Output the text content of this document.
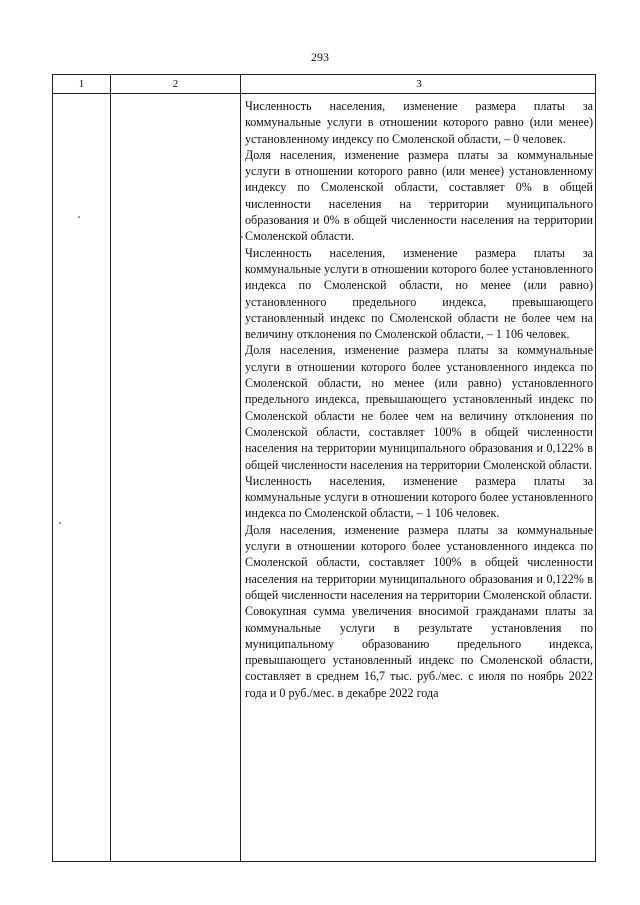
293
1	2	3

Численность населения, изменение размера платы за коммунальные услуги в отношении которого равно (или менее) установленному индексу по Смоленской области, – 0 человек.

Доля населения, изменение размера платы за коммунальные услуги в отношении которого равно (или менее) установленному индексу по Смоленской области, составляет 0% в общей численности населения на территории муниципального образования и 0% в общей численности населения на территории Смоленской области.

Численность населения, изменение размера платы за коммунальные услуги в отношении которого более установленного индекса по Смоленской области, но менее (или равно) установленного предельного индекса, превышающего установленный индекс по Смоленской области не более чем на величину отклонения по Смоленской области, – 1 106 человек.

Доля населения, изменение размера платы за коммунальные услуги в отношении которого более установленного индекса по Смоленской области, но менее (или равно) установленного предельного индекса, превышающего установленный индекс по Смоленской области не более чем на величину отклонения по Смоленской области, составляет 100% в общей численности населения на территории муниципального образования и 0,122% в общей численности населения на территории Смоленской области.

Численность населения, изменение размера платы за коммунальные услуги в отношении которого более установленного индекса по Смоленской области, – 1 106 человек.

Доля населения, изменение размера платы за коммунальные услуги в отношении которого более установленного индекса по Смоленской области, составляет 100% в общей численности населения на территории муниципального образования и 0,122% в общей численности населения на территории Смоленской области.

Совокупная сумма увеличения вносимой гражданами платы за коммунальные услуги в результате установления по муниципальному образованию предельного индекса, превышающего установленный индекс по Смоленской области, составляет в среднем 16,7 тыс. руб./мес. с июля по ноябрь 2022 года и 0 руб./мес. в декабре 2022 года
